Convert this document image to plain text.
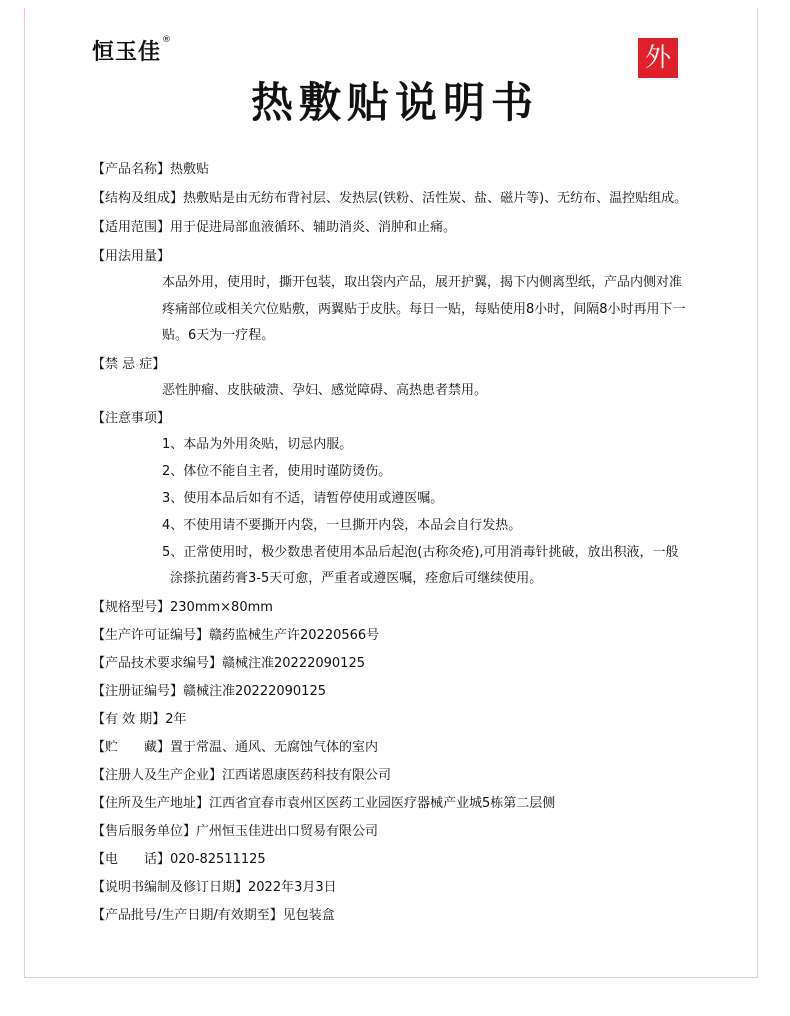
恒玉佳®
外
热敷贴说明书
【产品名称】热敷贴
【结构及组成】热敷贴是由无纺布背衬层、发热层(铁粉、活性炭、盐、磁片等)、无纺布、温控贴组成。
【适用范围】用于促进局部血液循环、辅助消炎、消肿和止痛。
【用法用量】
本品外用，使用时，撕开包装，取出袋内产品，展开护翼，揭下内侧离型纸，产品内侧对准疼痛部位或相关穴位贴敷，两翼贴于皮肤。每日一贴，每贴使用8小时，间隔8小时再用下一贴。6天为一疗程。
【禁 忌 症】
恶性肿瘤、皮肤破溃、孕妇、感觉障碍、高热患者禁用。
【注意事项】
1、本品为外用灸贴，切忌内服。
2、体位不能自主者，使用时谨防烫伤。
3、使用本品后如有不适，请暂停使用或遵医嘱。
4、不使用请不要撕开内袋，一旦撕开内袋，本品会自行发热。
5、正常使用时，极少数患者使用本品后起泡(古称灸疮),可用消毒针挑破，放出积液，一般
涂搽抗菌药膏3-5天可愈，严重者或遵医嘱，痊愈后可继续使用。
【规格型号】230mm×80mm
【生产许可证编号】赣药监械生产许20220566号
【产品技术要求编号】赣械注准20222090125
【注册证编号】赣械注准20222090125
【有 效 期】2年
【贮　　藏】置于常温、通风、无腐蚀气体的室内
【注册人及生产企业】江西诺恩康医药科技有限公司
【住所及生产地址】江西省宜春市袁州区医药工业园医疗器械产业城5栋第二层侧
【售后服务单位】广州恒玉佳进出口贸易有限公司
【电　　话】020-82511125
【说明书编制及修订日期】2022年3月3日
【产品批号/生产日期/有效期至】见包装盒
